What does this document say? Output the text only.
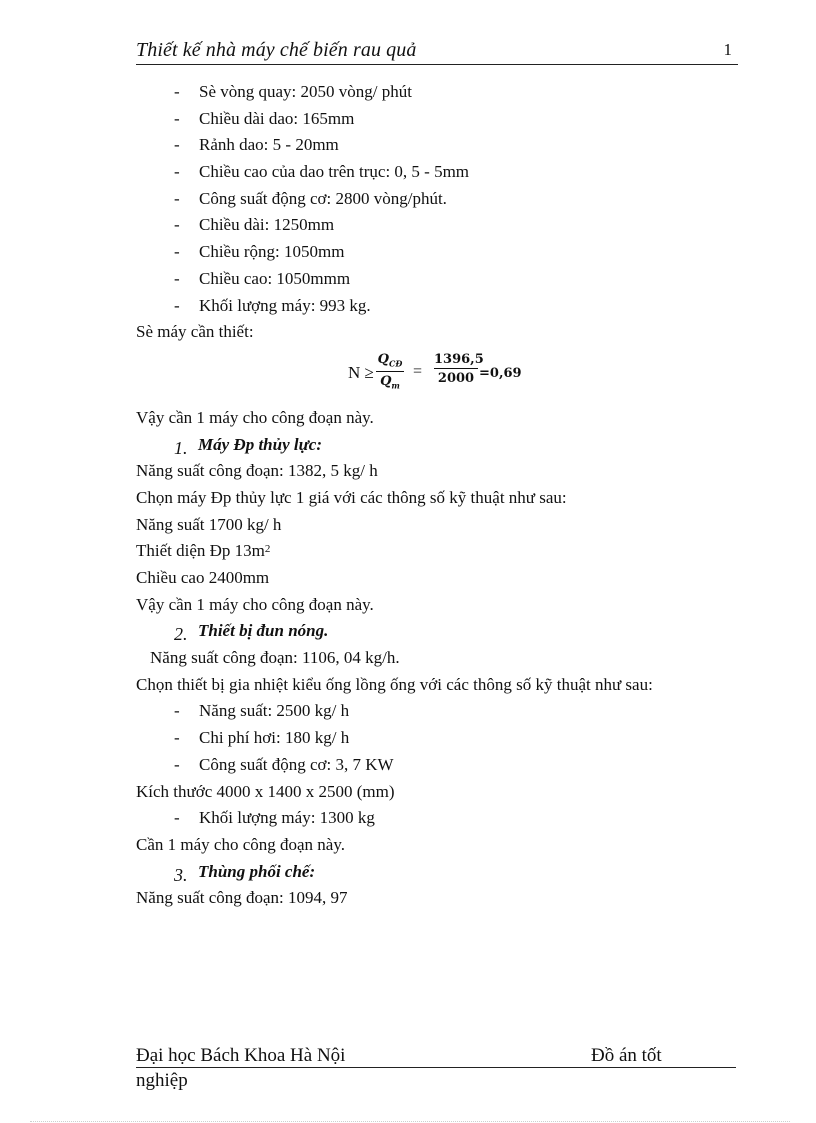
Thiết kế nhà máy chế biến rau quả	1
- Sè vòng quay: 2050 vòng/ phút
- Chiều dài dao: 165mm
- Rảnh dao: 5 - 20mm
- Chiều cao của dao trên trục: 0, 5 - 5mm
- Công suất động cơ: 2800 vòng/phút.
- Chiều dài: 1250mm
- Chiều rộng: 1050mm
- Chiều cao: 1050mmm
- Khối lượng máy: 993 kg.
Sè máy cần thiết:
N ≥
$Q_{CĐ}$
$Q_m$
= $\frac{1396,5}{2000} =0,69$
Vậy cần 1 máy cho công đoạn này.
1. Máy Ðp thủy lực:
Năng suất công đoạn: 1382, 5 kg/ h
Chọn máy Ðp thủy lực 1 giá với các thông số kỹ thuật như sau:
Năng suất 1700 kg/ h
Thiết diện Ðp $13m^2$
Chiều cao 2400mm
Vậy cần 1 máy cho công đoạn này.
2. Thiết bị đun nóng.
Năng suất công đoạn: 1106, 04 kg/h.
Chọn thiết bị gia nhiệt kiểu ống lồng ống với các thông số kỹ thuật như sau:
- Năng suất: 2500 kg/ h
- Chi phí hơi: 180 kg/ h
- Công suất động cơ: 3, 7 KW
Kích thước 4000 x 1400 x 2500 (mm)
- Khối lượng máy: 1300 kg
Cần 1 máy cho công đoạn này.
3. Thùng phối chế:
Năng suất công đoạn: 1094, 97
Đại học Bách Khoa Hà Nội	Đồ án tốt
nghiệp
